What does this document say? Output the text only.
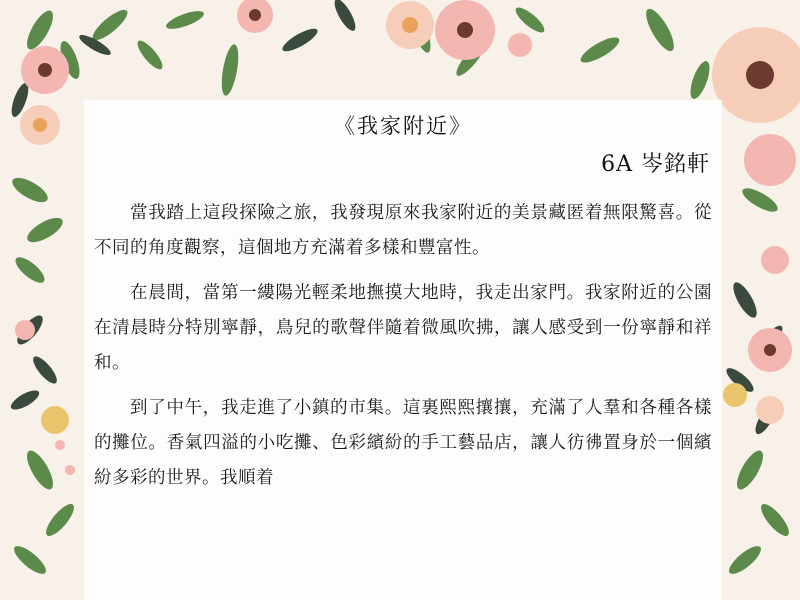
《我家附近》
6A 岑銘軒

當我踏上這段探險之旅，我發現原來我家附近的美景藏匿着無限驚喜。從不同的角度觀察，這個地方充滿着多樣和豐富性。

在晨間，當第一縷陽光輕柔地撫摸大地時，我走出家門。我家附近的公園在清晨時分特別寧靜，鳥兒的歌聲伴隨着微風吹拂，讓人感受到一份寧靜和祥和。

到了中午，我走進了小鎮的市集。這裏熙熙攘攘，充滿了人羣和各種各樣的攤位。香氣四溢的小吃攤、色彩繽紛的手工藝品店，讓人彷彿置身於一個繽紛多彩的世界。我順着
